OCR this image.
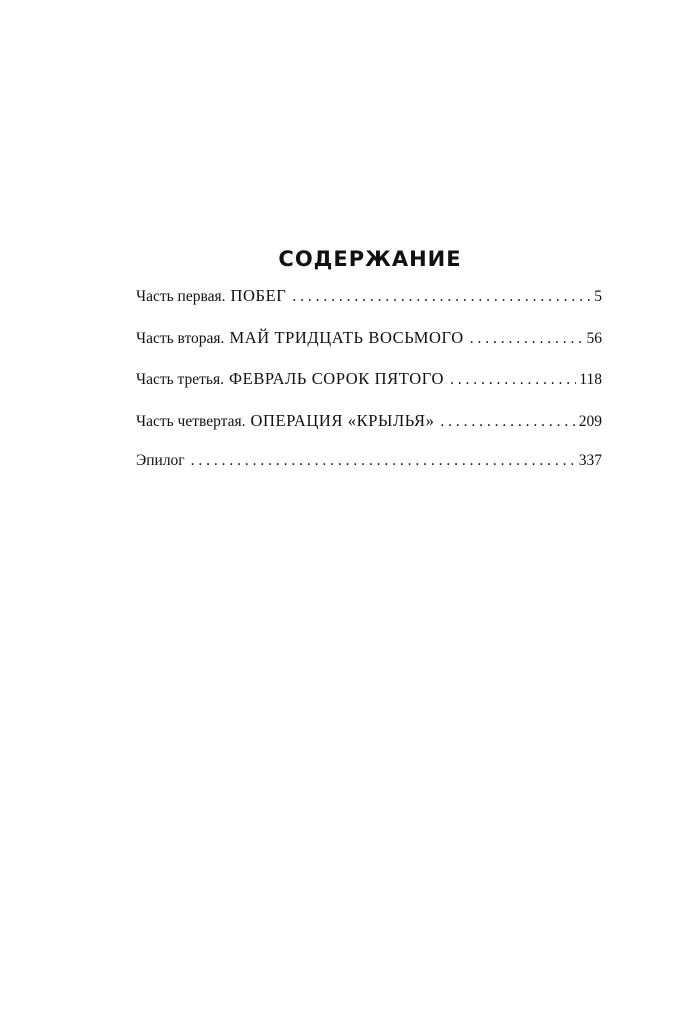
СОДЕРЖАНИЕ
Часть первая. ПОБЕГ . . .	5
Часть вторая. МАЙ ТРИДЦАТЬ ВОСЬМОГО . . .	56
Часть третья. ФЕВРАЛЬ СОРОК ПЯТОГО . . .	118
Часть четвертая. ОПЕРАЦИЯ «КРЫЛЬЯ» . . .	209
Эпилог . . .	337
